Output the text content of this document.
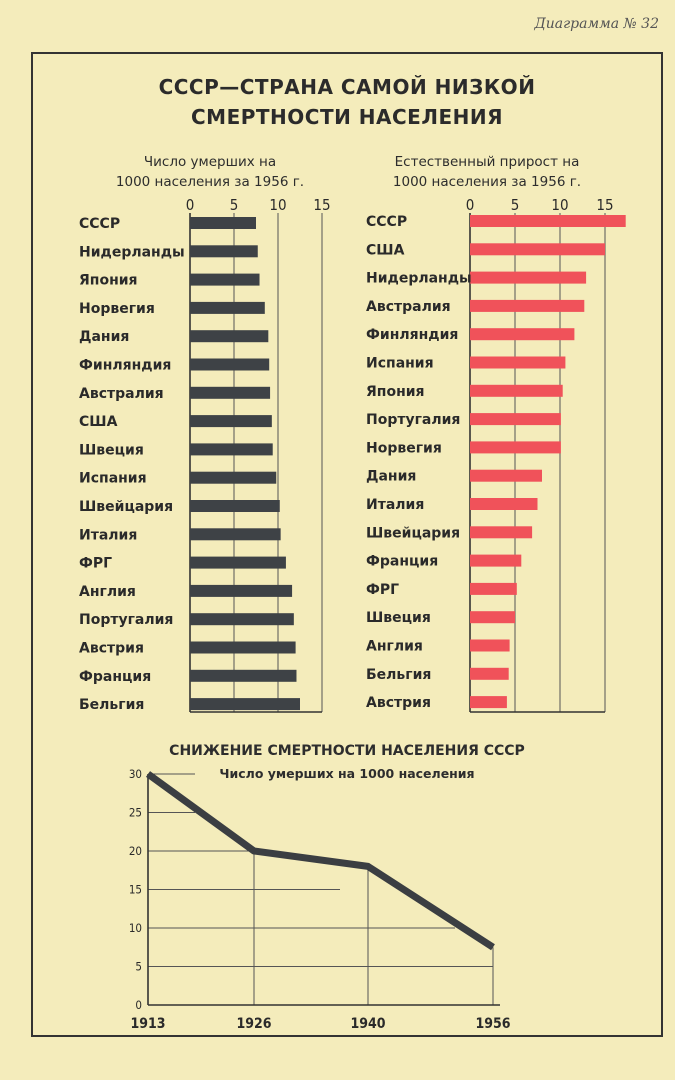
Диаграмма № 32
СССР—СТРАНА САМОЙ НИЗКОЙ
СМЕРТНОСТИ НАСЕЛЕНИЯ
Число умерших на
1000 населения за 1956 г.
Естественный прирост на
1000 населения за 1956 г.
СНИЖЕНИЕ СМЕРТНОСТИ НАСЕЛЕНИЯ СССР
Число умерших на 1000 населения
0 5 10 15
СССР
Нидерланды
Япония
Норвегия
Дания
Финляндия
Австралия
США
Швеция
Испания
Швейцария
Италия
ФРГ
Англия
Португалия
Австрия
Франция
Бельгия
0 5 10 15
СССР
США
Нидерланды
Австралия
Финляндия
Испания
Япония
Португалия
Норвегия
Дания
Италия
Швейцария
Франция
ФРГ
Швеция
Англия
Бельгия
Австрия
0
5
10
15
20
25
30
1913	1926	1940	1956
